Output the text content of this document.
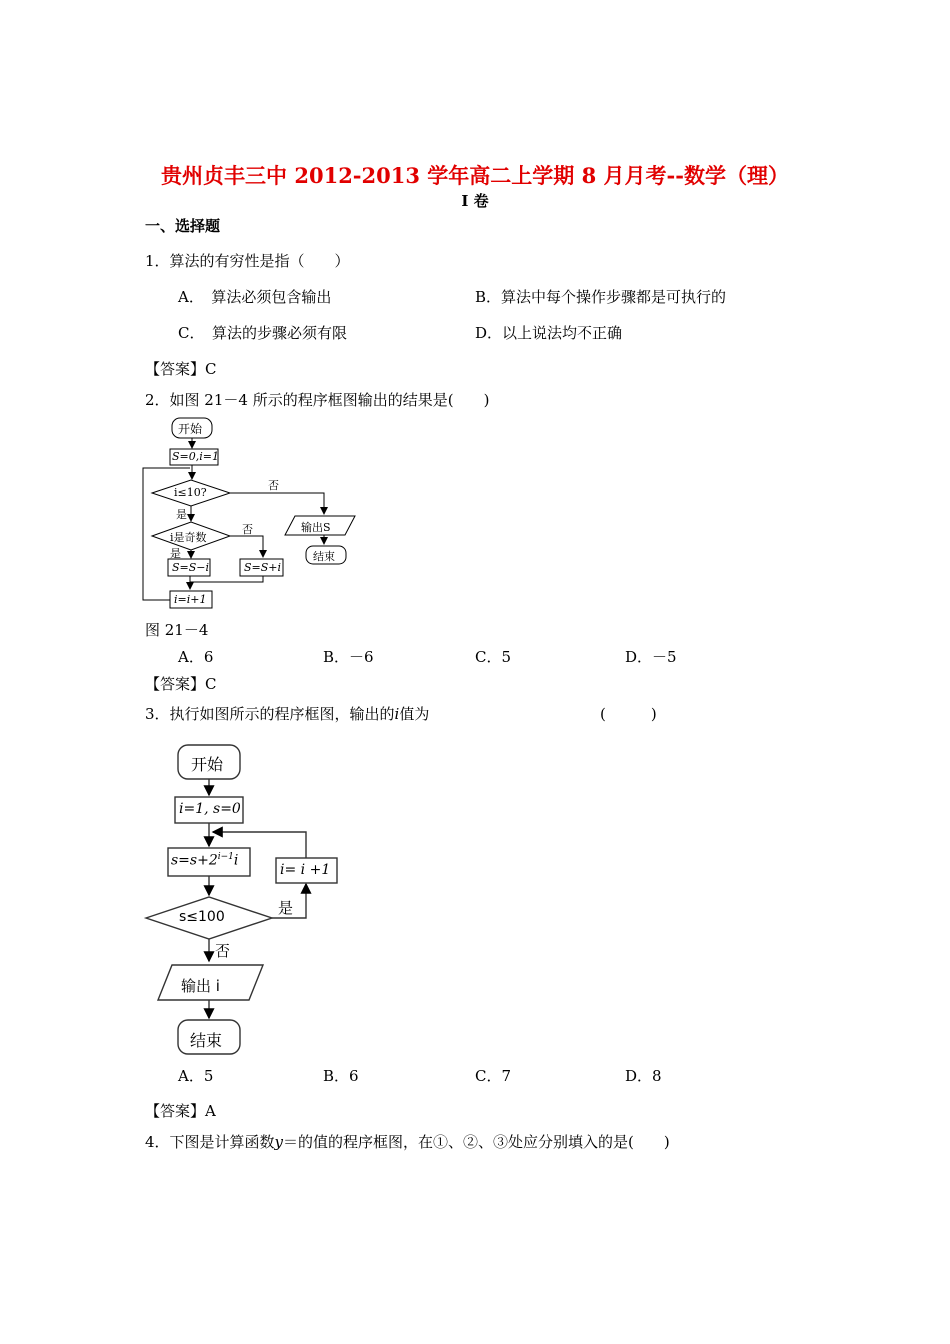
贵州贞丰三中 2012-2013 学年高二上学期 8 月月考--数学（理）
I 卷
一、选择题
1．算法的有穷性是指（　　）
A．　算法必须包含输出	B．算法中每个操作步骤都是可执行的
C．　算法的步骤必须有限	D．以上说法均不正确
【答案】C
2．如图 21－4 所示的程序框图输出的结果是(　　)
开始
S=0,i=1
i≤10?
否
是
i是奇数
否
是
S=S−i	S=S+i
i=i+1
输出S
结束
图 21－4
A．6	B．－6	C．5	D．－5
【答案】C
3．执行如图所示的程序框图，输出的i值为	(　　　)
开始
i=1, s=0
$s=s+2^{i-1}i$
s≤100
i= i +1
是
否
输出 i
结束
A．5	B．6	C．7	D．8
【答案】A
4．下图是计算函数y＝的值的程序框图，在①、②、③处应分别填入的是(　　)
